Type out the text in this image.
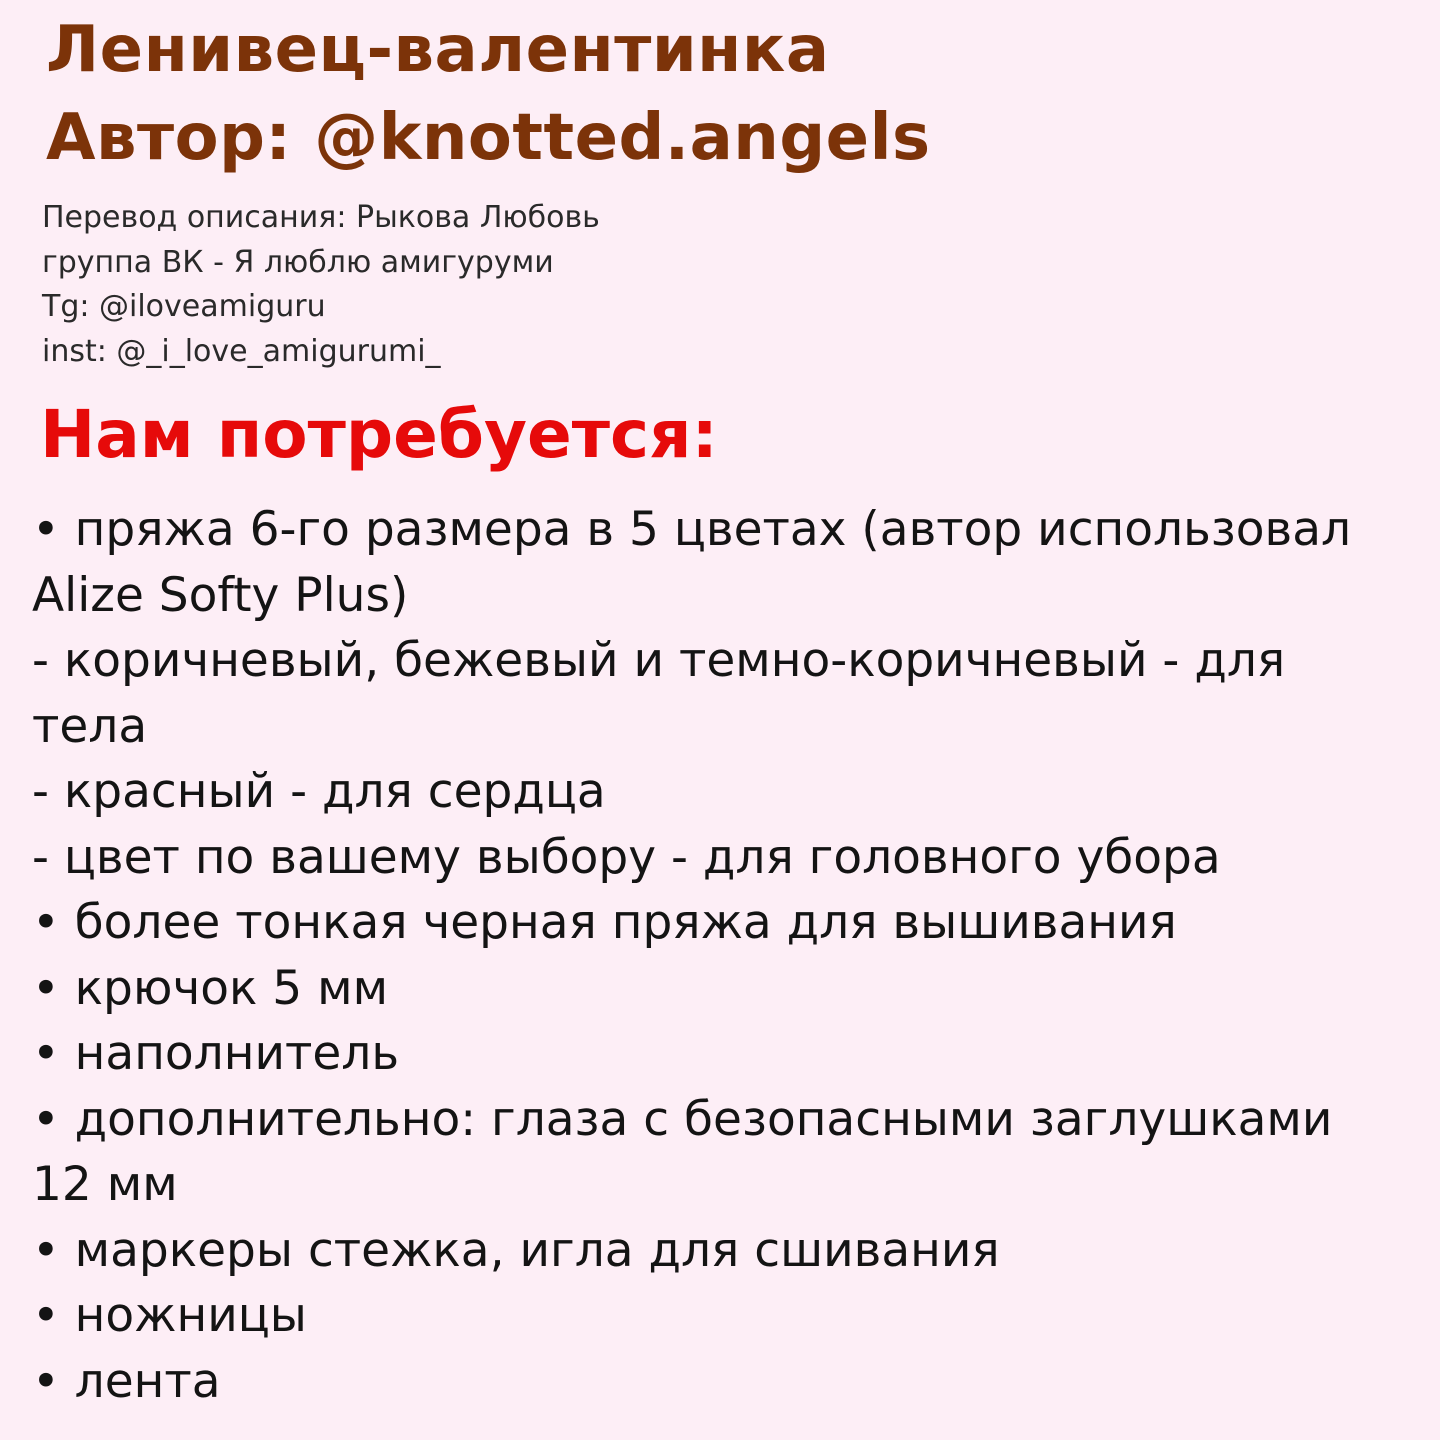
Ленивец-валентинка
Автор: @knotted.angels
Перевод описания: Рыкова Любовь
группа ВК - Я люблю амигуруми
Tg: @iloveamiguru
inst: @_i_love_amigurumi_
Нам потребуется:
• пряжа 6-го размера в 5 цветах (автор использовал
Alize Softy Plus)
- коричневый, бежевый и темно-коричневый - для
тела
- красный - для сердца
- цвет по вашему выбору - для головного убора
• более тонкая черная пряжа для вышивания
• крючок 5 мм
• наполнитель
• дополнительно: глаза с безопасными заглушками
12 мм
• маркеры стежка, игла для сшивания
• ножницы
• лента
